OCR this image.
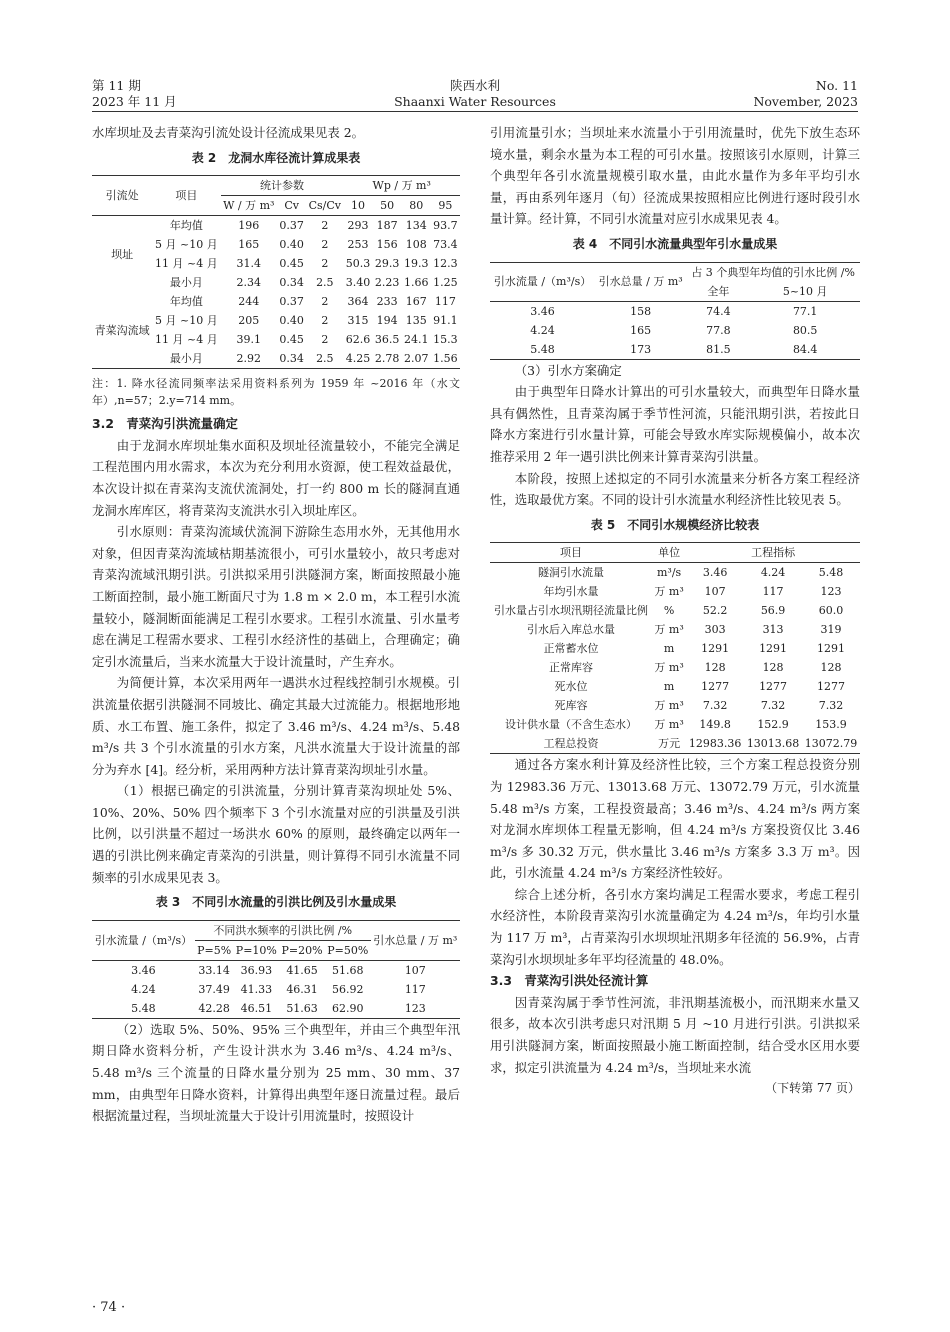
第 11 期
2023 年 11 月
陕西水利
Shaanxi Water Resources
No. 11
November, 2023

水库坝址及去青菜沟引流处设计径流成果见表 2。

表 2　龙洞水库径流计算成果表
引流处	项目	统计参数			Wp / 万 m³			
		W / 万 m³	Cv	Cs/Cv	10	50	80	95
坝址	年均值	196	0.37	2	293	187	134	93.7
	5 月 ~10 月	165	0.40	2	253	156	108	73.4
	11 月 ~4 月	31.4	0.45	2	50.3	29.3	19.3	12.3
	最小月	2.34	0.34	2.5	3.40	2.23	1.66	1.25
青菜沟流域	年均值	244	0.37	2	364	233	167	117
	5 月 ~10 月	205	0.40	2	315	194	135	91.1
	11 月 ~4 月	39.1	0.45	2	62.6	36.5	24.1	15.3
	最小月	2.92	0.34	2.5	4.25	2.78	2.07	1.56
注：1. 降水径流同频率法采用资料系列为 1959 年 ~2016 年（水文年）,n=57；2.y=714 mm。
3.2　青菜沟引洪流量确定

由于龙洞水库坝址集水面积及坝址径流量较小，不能完全满足工程范围内用水需求，本次为充分利用水资源，使工程效益最优，本次设计拟在青菜沟支流伏流洞处，打一约 800 m 长的隧洞直通龙洞水库库区，将青菜沟支流洪水引入坝址库区。

引水原则：青菜沟流域伏流洞下游除生态用水外，无其他用水对象，但因青菜沟流域枯期基流很小，可引水量较小，故只考虑对青菜沟流域汛期引洪。引洪拟采用引洪隧洞方案，断面按照最小施工断面控制，最小施工断面尺寸为 1.8 m × 2.0 m，本工程引水流量较小，隧洞断面能满足工程引水要求。工程引水流量、引水量考虑在满足工程需水要求、工程引水经济性的基础上，合理确定；确定引水流量后，当来水流量大于设计流量时，产生弃水。

为简便计算，本次采用两年一遇洪水过程线控制引水规模。引洪流量依据引洪隧洞不同坡比、确定其最大过流能力。根据地形地质、水工布置、施工条件，拟定了 3.46 m³/s、4.24 m³/s、5.48 m³/s 共 3 个引水流量的引水方案，凡洪水流量大于设计流量的部分为弃水 [4]。经分析，采用两种方法计算青菜沟坝址引水量。

（1）根据已确定的引洪流量，分别计算青菜沟坝址处 5%、10%、20%、50% 四个频率下 3 个引水流量对应的引洪量及引洪比例，以引洪量不超过一场洪水 60% 的原则，最终确定以两年一遇的引洪比例来确定青菜沟的引洪量，则计算得不同引水流量不同频率的引水成果见表 3。

表 3　不同引水流量的引洪比例及引水量成果
引水流量 /（m³/s）	不同洪水频率的引洪比例 /%				引水总量 / 万 m³
	P=5%	P=10%	P=20%	P=50%	
3.46	33.14	36.93	41.65	51.68	107
4.24	37.49	41.33	46.31	56.92	117
5.48	42.28	46.51	51.63	62.90	123

（2）选取 5%、50%、95% 三个典型年，并由三个典型年汛期日降水资料分析，产生设计洪水为 3.46 m³/s、4.24 m³/s、5.48 m³/s 三个流量的日降水量分别为 25 mm、30 mm、37 mm，由典型年日降水资料，计算得出典型年逐日流量过程。最后根据流量过程，当坝址流量大于设计引用流量时，按照设计

引用流量引水；当坝址来水流量小于引用流量时，优先下放生态环境水量，剩余水量为本工程的可引水量。按照该引水原则，计算三个典型年各引水流量规模引取水量，由此水量作为多年平均引水量，再由系列年逐月（旬）径流成果按照相应比例进行逐时段引水量计算。经计算，不同引水流量对应引水成果见表 4。

表 4　不同引水流量典型年引水量成果
引水流量 /（m³/s）	引水总量 / 万 m³	占 3 个典型年均值的引水比例 /%	
		全年	5~10 月
3.46	158	74.4	77.1
4.24	165	77.8	80.5
5.48	173	81.5	84.4

（3）引水方案确定

由于典型年日降水计算出的可引水量较大，而典型年日降水量具有偶然性，且青菜沟属于季节性河流，只能汛期引洪，若按此日降水方案进行引水量计算，可能会导致水库实际规模偏小，故本次推荐采用 2 年一遇引洪比例来计算青菜沟引洪量。

本阶段，按照上述拟定的不同引水流量来分析各方案工程经济性，选取最优方案。不同的设计引水流量水利经济性比较见表 5。

表 5　不同引水规模经济比较表
项目	单位	工程指标		
隧洞引水流量	m³/s	3.46	4.24	5.48
年均引水量	万 m³	107	117	123
引水量占引水坝汛期径流量比例	%	52.2	56.9	60.0
引水后入库总水量	万 m³	303	313	319
正常蓄水位	m	1291	1291	1291
正常库容	万 m³	128	128	128
死水位	m	1277	1277	1277
死库容	万 m³	7.32	7.32	7.32
设计供水量（不含生态水）	万 m³	149.8	152.9	153.9
工程总投资	万元	12983.36	13013.68	13072.79

通过各方案水利计算及经济性比较，三个方案工程总投资分别为 12983.36 万元、13013.68 万元、13072.79 万元，引水流量 5.48 m³/s 方案，工程投资最高；3.46 m³/s、4.24 m³/s 两方案对龙洞水库坝体工程量无影响，但 4.24 m³/s 方案投资仅比 3.46 m³/s 多 30.32 万元，供水量比 3.46 m³/s 方案多 3.3 万 m³。因此，引水流量 4.24 m³/s 方案经济性较好。

综合上述分析，各引水方案均满足工程需水要求，考虑工程引水经济性，本阶段青菜沟引水流量确定为 4.24 m³/s，年均引水量为 117 万 m³，占青菜沟引水坝坝址汛期多年径流的 56.9%，占青菜沟引水坝坝址多年平均径流量的 48.0%。

3.3　青菜沟引洪处径流计算

因青菜沟属于季节性河流，非汛期基流极小，而汛期来水量又很多，故本次引洪考虑只对汛期 5 月 ~10 月进行引洪。引洪拟采用引洪隧洞方案，断面按照最小施工断面控制，结合受水区用水要求，拟定引洪流量为 4.24 m³/s，当坝址来水流

（下转第 77 页）
· 74 ·
